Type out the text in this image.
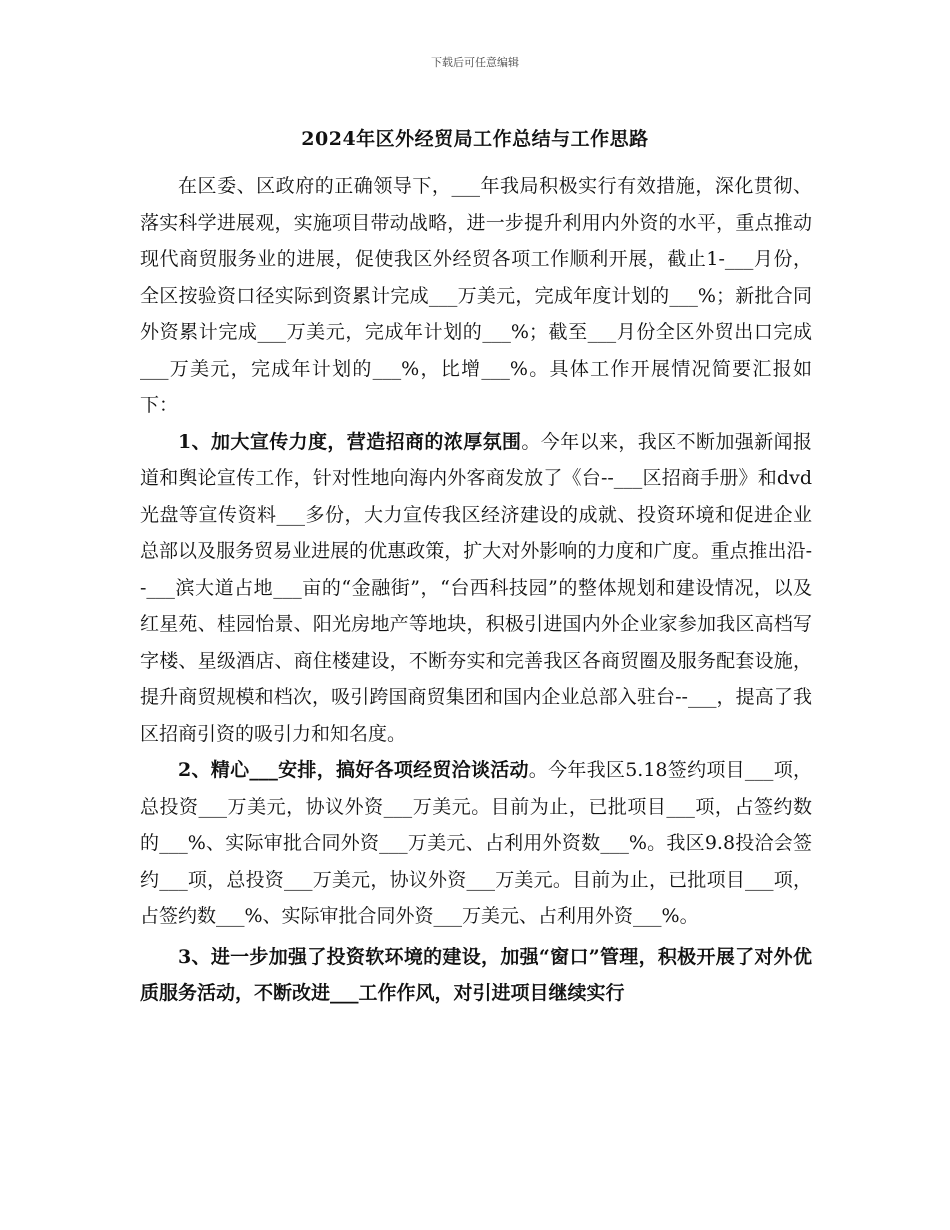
下载后可任意编辑
2024年区外经贸局工作总结与工作思路

在区委、区政府的正确领导下，___年我局积极实行有效措施，深化贯彻、落实科学进展观，实施项目带动战略，进一步提升利用内外资的水平，重点推动现代商贸服务业的进展，促使我区外经贸各项工作顺利开展，截止1-___月份，全区按验资口径实际到资累计完成___万美元，完成年度计划的___%；新批合同外资累计完成___万美元，完成年计划的___%；截至___月份全区外贸出口完成___万美元，完成年计划的___%，比增___%。具体工作开展情况简要汇报如下：

1、加大宣传力度，营造招商的浓厚氛围。今年以来，我区不断加强新闻报道和舆论宣传工作，针对性地向海内外客商发放了《台--___区招商手册》和dvd光盘等宣传资料___多份，大力宣传我区经济建设的成就、投资环境和促进企业总部以及服务贸易业进展的优惠政策，扩大对外影响的力度和广度。重点推出沿--___滨大道占地___亩的“金融街”，“台西科技园”的整体规划和建设情况，以及红星苑、桂园怡景、阳光房地产等地块，积极引进国内外企业家参加我区高档写字楼、星级酒店、商住楼建设，不断夯实和完善我区各商贸圈及服务配套设施，提升商贸规模和档次，吸引跨国商贸集团和国内企业总部入驻台--___，提高了我区招商引资的吸引力和知名度。

2、精心___安排，搞好各项经贸洽谈活动。今年我区5.18签约项目___项，总投资___万美元，协议外资___万美元。目前为止，已批项目___项，占签约数的___%、实际审批合同外资___万美元、占利用外资数___%。我区9.8投洽会签约___项，总投资___万美元，协议外资___万美元。目前为止，已批项目___项，占签约数___%、实际审批合同外资___万美元、占利用外资___%。

3、进一步加强了投资软环境的建设，加强“窗口”管理，积极开展了对外优质服务活动，不断改进___工作作风，对引进项目继续实行
